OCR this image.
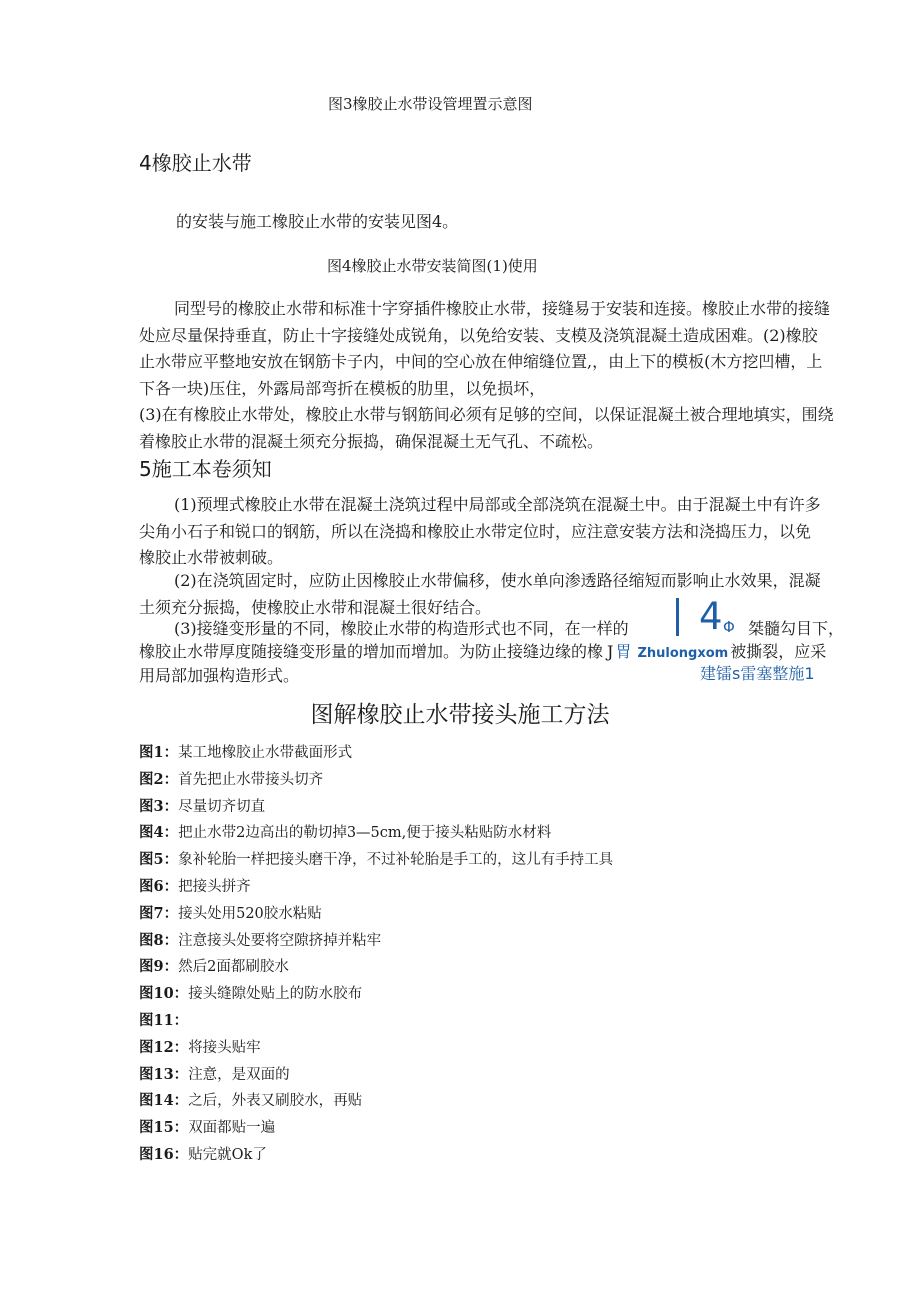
图3橡胶止水带设管埋置示意图
4橡胶止水带
的安装与施工橡胶止水带的安装见图4。
图4橡胶止水带安装简图(1)使用

同型号的橡胶止水带和标准十字穿插件橡胶止水带，接缝易于安装和连接。橡胶止水带的接缝

处应尽量保持垂直，防止十字接缝处成锐角，以免给安装、支模及浇筑混凝土造成困难。(2)橡胶

止水带应平整地安放在钢筋卡子内，中间的空心放在伸缩缝位置,，由上下的模板(木方挖凹槽，上

下各一块)压住，外露局部弯折在模板的肋里，以免损坏，

(3)在有橡胶止水带处，橡胶止水带与钢筋间必须有足够的空间，以保证混凝土被合理地填实，围绕

着橡胶止水带的混凝土须充分振捣，确保混凝土无气孔、不疏松。

5施工本卷须知

(1)预埋式橡胶止水带在混凝土浇筑过程中局部或全部浇筑在混凝土中。由于混凝土中有许多

尖角小石子和锐口的钢筋，所以在浇捣和橡胶止水带定位时，应注意安装方法和浇捣压力，以免

橡胶止水带被刺破。

(2)在浇筑固定时，应防止因橡胶止水带偏移，使水单向渗透路径缩短而影响止水效果，混凝

土须充分振捣，使橡胶止水带和混凝土很好结合。

(3)接缝变形量的不同，橡胶止水带的构造形式也不同，在一样的	桀髓勾目下，
橡胶止水带厚度随接缝变形量的增加而增加。为防止接缝边缘的橡 J 胃 Zhulongxom 被撕裂，应采
用局部加强构造形式。
4 Φ
建镭s雷塞整施1
图解橡胶止水带接头施工方法
图1：某工地橡胶止水带截面形式
图2：首先把止水带接头切齐
图3：尽量切齐切直
图4：把止水带2边高出的勒切掉3—5cm,便于接头粘贴防水材料
图5：象补轮胎一样把接头磨干净，不过补轮胎是手工的，这儿有手持工具
图6：把接头拼齐
图7：接头处用520胶水粘贴
图8：注意接头处要将空隙挤掉并粘牢
图9：然后2面都刷胶水
图10：接头缝隙处贴上的防水胶布
图11：
图12：将接头贴牢
图13：注意，是双面的
图14：之后，外表又刷胶水，再贴
图15：双面都贴一遍
图16：贴完就Ok了
